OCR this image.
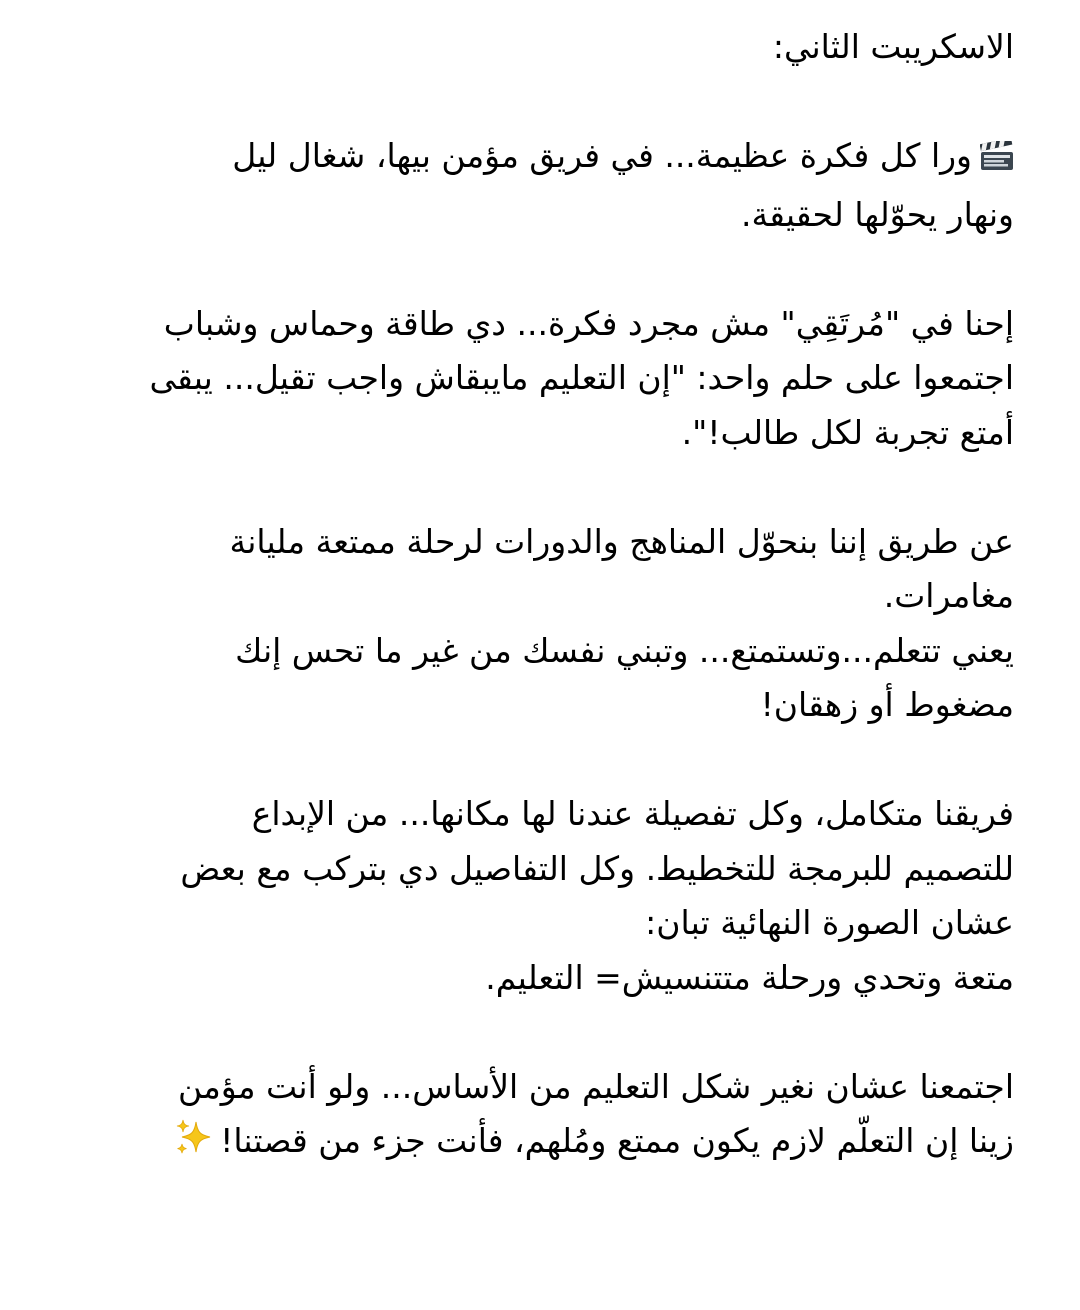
الاسكريبت الثاني:

ورا كل فكرة عظيمة... في فريق مؤمن بيها، شغال ليل
ونهار يحوّلها لحقيقة.

إحنا في "مُرتَقِي" مش مجرد فكرة... دي طاقة وحماس وشباب
اجتمعوا على حلم واحد: "إن التعليم مايبقاش واجب تقيل... يبقى
أمتع تجربة لكل طالب!".

عن طريق إننا بنحوّل المناهج والدورات لرحلة ممتعة مليانة
مغامرات.
يعني تتعلم...وتستمتع... وتبني نفسك من غير ما تحس إنك
مضغوط أو زهقان!

فريقنا متكامل، وكل تفصيلة عندنا لها مكانها... من الإبداع
للتصميم للبرمجة للتخطيط. وكل التفاصيل دي بتركب مع بعض
عشان الصورة النهائية تبان:
متعة وتحدي ورحلة متتنسيش= التعليم.

اجتمعنا عشان نغير شكل التعليم من الأساس... ولو أنت مؤمن
زينا إن التعلّم لازم يكون ممتع ومُلهم، فأنت جزء من قصتنا!
